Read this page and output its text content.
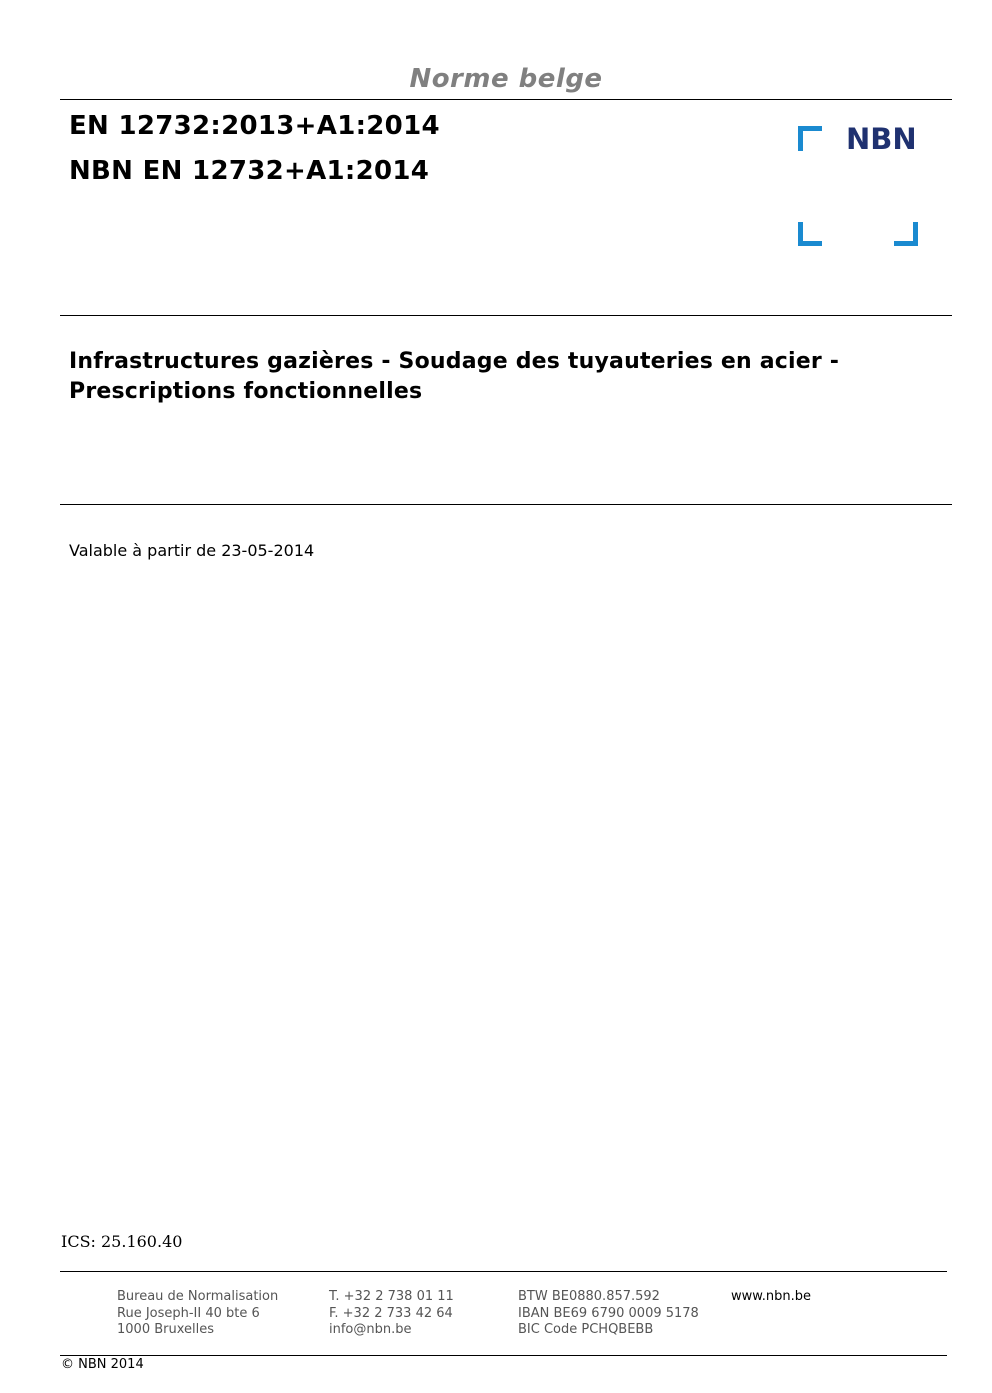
Norme belge
EN 12732:2013+A1:2014
NBN EN 12732+A1:2014
NBN
Infrastructures gazières - Soudage des tuyauteries en acier -
Prescriptions fonctionnelles
Valable à partir de 23-05-2014
ICS: 25.160.40
Bureau de Normalisation
Rue Joseph-II 40 bte 6
1000 Bruxelles
T. +32 2 738 01 11
F. +32 2 733 42 64
info@nbn.be
BTW BE0880.857.592
IBAN BE69 6790 0009 5178
BIC Code PCHQBEBB
www.nbn.be
© NBN 2014
